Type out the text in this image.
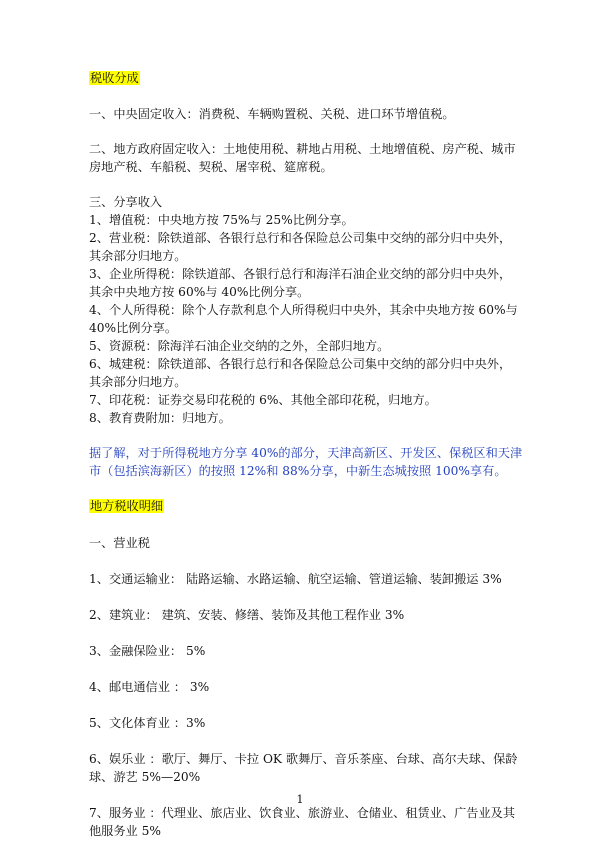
税收分成
一、中央固定收入：消费税、车辆购置税、关税、进口环节增值税。
二、地方政府固定收入：土地使用税、耕地占用税、土地增值税、房产税、城市
房地产税、车船税、契税、屠宰税、筵席税。
三、分享收入
1、增值税：中央地方按 75%与 25%比例分享。
2、营业税：除铁道部、各银行总行和各保险总公司集中交纳的部分归中央外，
其余部分归地方。
3、企业所得税：除铁道部、各银行总行和海洋石油企业交纳的部分归中央外，
其余中央地方按 60%与 40%比例分享。
4、个人所得税：除个人存款利息个人所得税归中央外，其余中央地方按 60%与
40%比例分享。
5、资源税：除海洋石油企业交纳的之外，全部归地方。
6、城建税：除铁道部、各银行总行和各保险总公司集中交纳的部分归中央外，
其余部分归地方。
7、印花税：证券交易印花税的 6%、其他全部印花税，归地方。
8、教育费附加：归地方。
据了解，对于所得税地方分享 40%的部分，天津高新区、开发区、保税区和天津
市（包括滨海新区）的按照 12%和 88%分享，中新生态城按照 100%享有。
地方税收明细
一、营业税
1、交通运输业： 陆路运输、水路运输、航空运输、管道运输、装卸搬运 3%
2、建筑业： 建筑、安装、修缮、装饰及其他工程作业 3%
3、金融保险业： 5%
4、邮电通信业 ： 3%
5、文化体育业 ：3%
6、娱乐业 ：歌厅、舞厅、卡拉 OK 歌舞厅、音乐茶座、台球、高尔夫球、保龄
球、游艺 5%—20%
7、服务业 ：代理业、旅店业、饮食业、旅游业、仓储业、租赁业、广告业及其
他服务业 5%
1
